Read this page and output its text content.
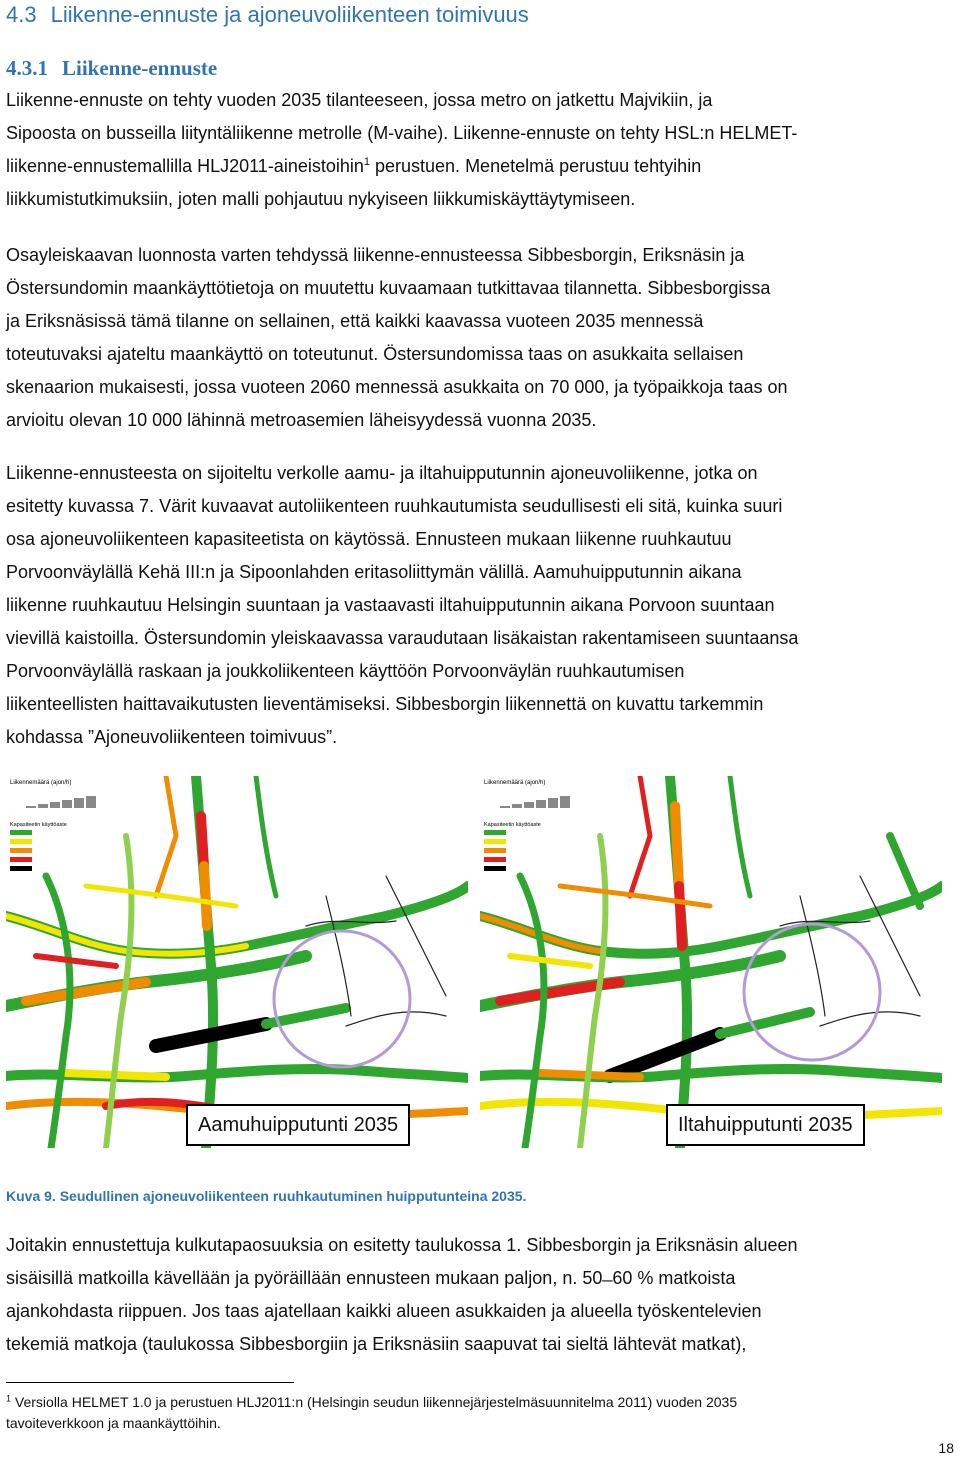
4.3 Liikenne-ennuste ja ajoneuvoliikenteen toimivuus
4.3.1 Liikenne-ennuste

Liikenne-ennuste on tehty vuoden 2035 tilanteeseen, jossa metro on jatkettu Majvikiin, ja
Sipoosta on busseilla liityntäliikenne metrolle (M-vaihe). Liikenne-ennuste on tehty HSL:n HELMET-
liikenne-ennustemallilla HLJ2011-aineistoihin$^1$ perustuen. Menetelmä perustuu tehtyihin
liikkumistutkimuksiin, joten malli pohjautuu nykyiseen liikkumiskäyttäytymiseen.

Osayleiskaavan luonnosta varten tehdyssä liikenne-ennusteessa Sibbesborgin, Eriksnäsin ja
Östersundomin maankäyttötietoja on muutettu kuvaamaan tutkittavaa tilannetta. Sibbesborgissa
ja Eriksnäsissä tämä tilanne on sellainen, että kaikki kaavassa vuoteen 2035 mennessä
toteutuvaksi ajateltu maankäyttö on toteutunut. Östersundomissa taas on asukkaita sellaisen
skenaarion mukaisesti, jossa vuoteen 2060 mennessä asukkaita on 70 000, ja työpaikkoja taas on
arvioitu olevan 10 000 lähinnä metroasemien läheisyydessä vuonna 2035.

Liikenne-ennusteesta on sijoiteltu verkolle aamu- ja iltahuipputunnin ajoneuvoliikenne, jotka on
esitetty kuvassa 7. Värit kuvaavat autoliikenteen ruuhkautumista seudullisesti eli sitä, kuinka suuri
osa ajoneuvoliikenteen kapasiteetista on käytössä. Ennusteen mukaan liikenne ruuhkautuu
Porvoonväylällä Kehä III:n ja Sipoonlahden eritasoliittymän välillä. Aamuhuipputunnin aikana
liikenne ruuhkautuu Helsingin suuntaan ja vastaavasti iltahuipputunnin aikana Porvoon suuntaan
vievillä kaistoilla. Östersundomin yleiskaavassa varaudutaan lisäkaistan rakentamiseen suuntaansa
Porvoonväylällä raskaan ja joukkoliikenteen käyttöön Porvoonväylän ruuhkautumisen
liikenteellisten haittavaikutusten lieventämiseksi. Sibbesborgin liikennettä on kuvattu tarkemmin
kohdassa ”Ajoneuvoliikenteen toimivuus”.

Liikennemäärä (ajon/h)
Kapasiteetin käyttöaste
Liikennemäärä (ajon/h)
Kapasiteetin käyttöaste
Aamuhuipputunti 2035	Iltahuipputunti 2035
Kuva 9. Seudullinen ajoneuvoliikenteen ruuhkautuminen huipputunteina 2035.

Joitakin ennustettuja kulkutapaosuuksia on esitetty taulukossa 1. Sibbesborgin ja Eriksnäsin alueen
sisäisillä matkoilla kävellään ja pyöräillään ennusteen mukaan paljon, n. 50 ̶ 60 % matkoista
ajankohdasta riippuen. Jos taas ajatellaan kaikki alueen asukkaiden ja alueella työskentelevien
tekemiä matkoja (taulukossa Sibbesborgiin ja Eriksnäsiin saapuvat tai sieltä lähtevät matkat),

$^1$ Versiolla HELMET 1.0 ja perustuen HLJ2011:n (Helsingin seudun liikennejärjestelmäsuunnitelma 2011) vuoden 2035
tavoiteverkkoon ja maankäyttöihin.
18
